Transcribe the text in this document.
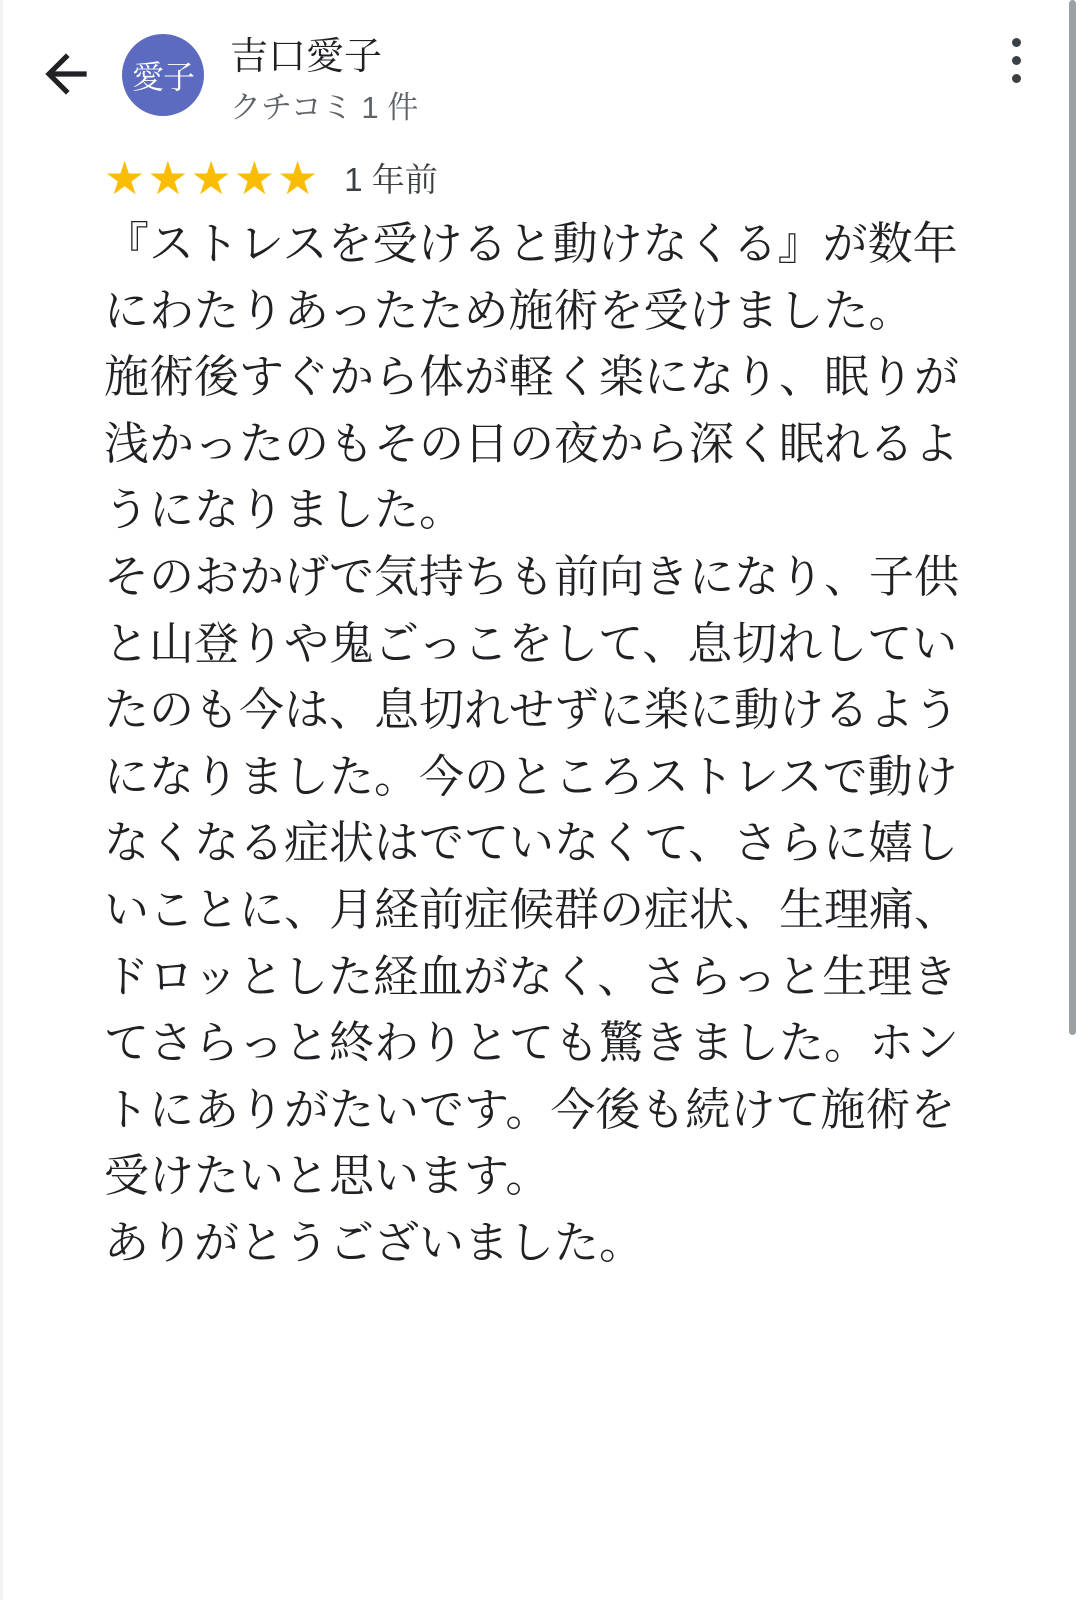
愛子 吉口愛子
クチコミ 1 件
★★★★★ 1 年前

『ストレスを受けると動けなくる』が数年にわたりあったため施術を受けました。

施術後すぐから体が軽く楽になり、眠りが浅かったのもその日の夜から深く眠れるようになりました。

そのおかげで気持ちも前向きになり、子供と山登りや鬼ごっこをして、息切れしていたのも今は、息切れせずに楽に動けるようになりました。今のところストレスで動けなくなる症状はでていなくて、さらに嬉しいことに、月経前症候群の症状、生理痛、ドロッとした経血がなく、さらっと生理きてさらっと終わりとても驚きました。ホントにありがたいです。今後も続けて施術を受けたいと思います。

ありがとうございました。
